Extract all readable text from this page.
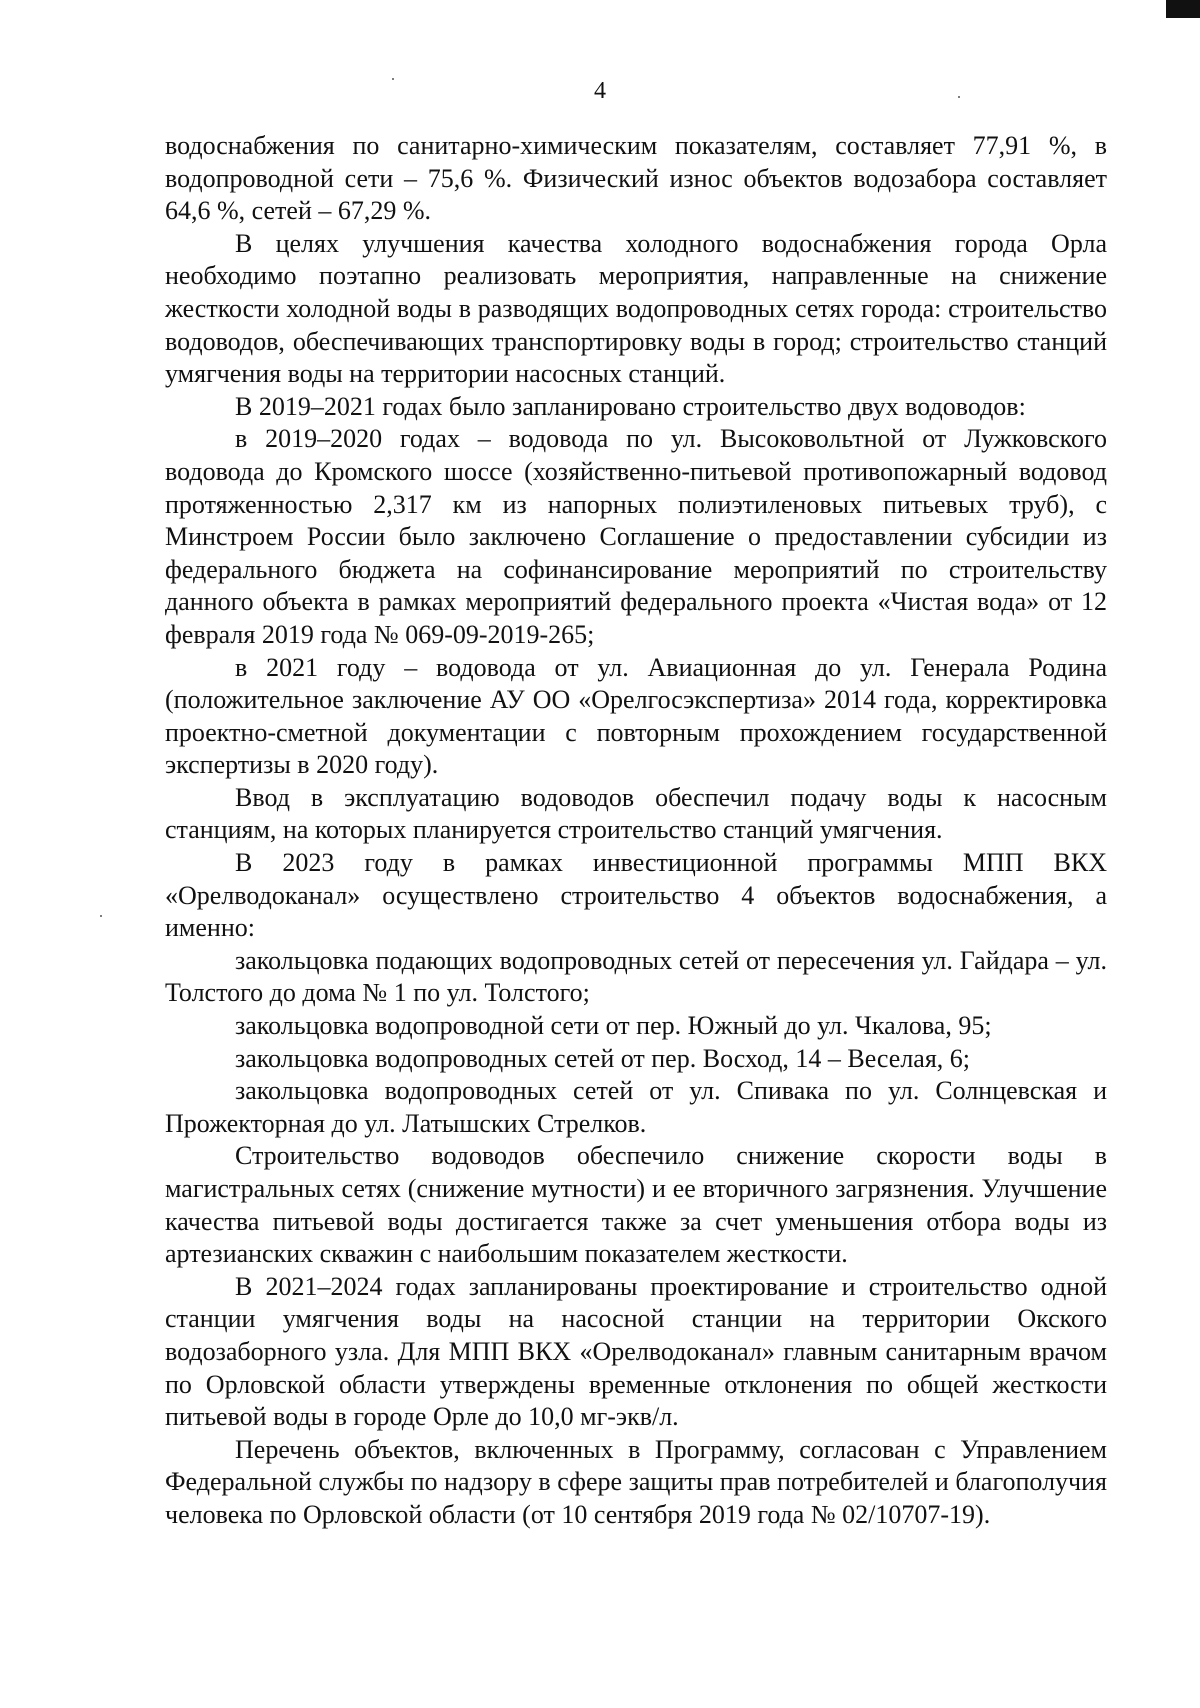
4

водоснабжения по санитарно-химическим показателям, составляет 77,91 %, в водопроводной сети – 75,6 %. Физический износ объектов водозабора составляет 64,6 %, сетей – 67,29 %.

В целях улучшения качества холодного водоснабжения города Орла необходимо поэтапно реализовать мероприятия, направленные на снижение жесткости холодной воды в разводящих водопроводных сетях города: строительство водоводов, обеспечивающих транспортировку воды в город; строительство станций умягчения воды на территории насосных станций.

В 2019–2021 годах было запланировано строительство двух водоводов:

в 2019–2020 годах – водовода по ул. Высоковольтной от Лужковского водовода до Кромского шоссе (хозяйственно-питьевой противопожарный водовод протяженностью 2,317 км из напорных полиэтиленовых питьевых труб), с Минстроем России было заключено Соглашение о предоставлении субсидии из федерального бюджета на софинансирование мероприятий по строительству данного объекта в рамках мероприятий федерального проекта «Чистая вода» от 12 февраля 2019 года № 069-09-2019-265;

в 2021 году – водовода от ул. Авиационная до ул. Генерала Родина (положительное заключение АУ ОО «Орелгосэкспертиза» 2014 года, корректировка проектно-сметной документации с повторным прохождением государственной экспертизы в 2020 году).

Ввод в эксплуатацию водоводов обеспечил подачу воды к насосным станциям, на которых планируется строительство станций умягчения.

В 2023 году в рамках инвестиционной программы МПП ВКХ «Орелводоканал» осуществлено строительство 4 объектов водоснабжения, а именно:

закольцовка подающих водопроводных сетей от пересечения ул. Гайдара – ул. Толстого до дома № 1 по ул. Толстого;

закольцовка водопроводной сети от пер. Южный до ул. Чкалова, 95;

закольцовка водопроводных сетей от пер. Восход, 14 – Веселая, 6;

закольцовка водопроводных сетей от ул. Спивака по ул. Солнцевская и Прожекторная до ул. Латышских Стрелков.

Строительство водоводов обеспечило снижение скорости воды в магистральных сетях (снижение мутности) и ее вторичного загрязнения. Улучшение качества питьевой воды достигается также за счет уменьшения отбора воды из артезианских скважин с наибольшим показателем жесткости.

В 2021–2024 годах запланированы проектирование и строительство одной станции умягчения воды на насосной станции на территории Окского водозаборного узла. Для МПП ВКХ «Орелводоканал» главным санитарным врачом по Орловской области утверждены временные отклонения по общей жесткости питьевой воды в городе Орле до 10,0 мг-экв/л.

Перечень объектов, включенных в Программу, согласован с Управлением Федеральной службы по надзору в сфере защиты прав потребителей и благополучия человека по Орловской области (от 10 сентября 2019 года № 02/10707-19).
